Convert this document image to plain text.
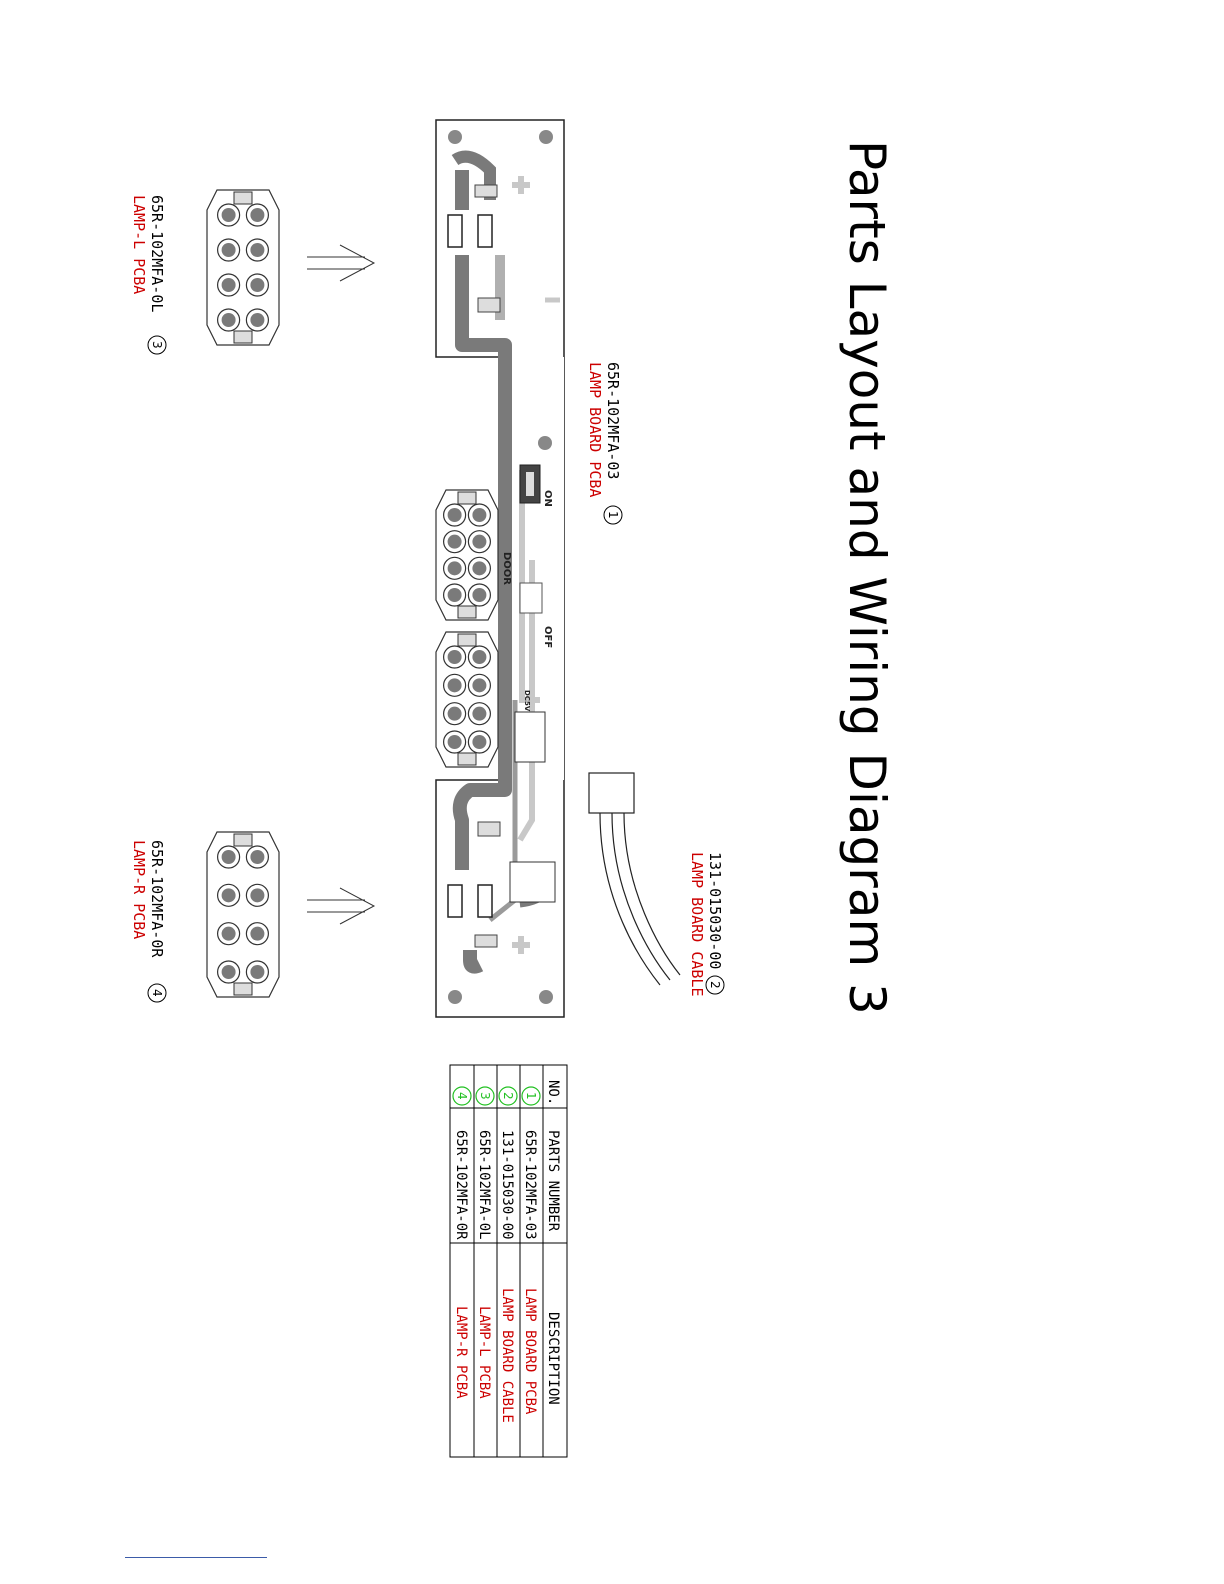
Parts Layout and Wiring Diagram 3
ON
DOOR
OFF
DC5V
65R-102MFA-03
LAMP BOARD PCBA
1
131-015030-00
LAMP BOARD CABLE 2
65R-102MFA-0L
LAMP-L PCBA
3
65R-102MFA-0R
LAMP-R PCBA
4
NO.
PARTS NUMBER
DESCRIPTION
1
65R-102MFA-03
LAMP BOARD PCBA
2
131-015030-00
LAMP BOARD CABLE
3
65R-102MFA-0L
LAMP-L PCBA
4
65R-102MFA-0R
LAMP-R PCBA
